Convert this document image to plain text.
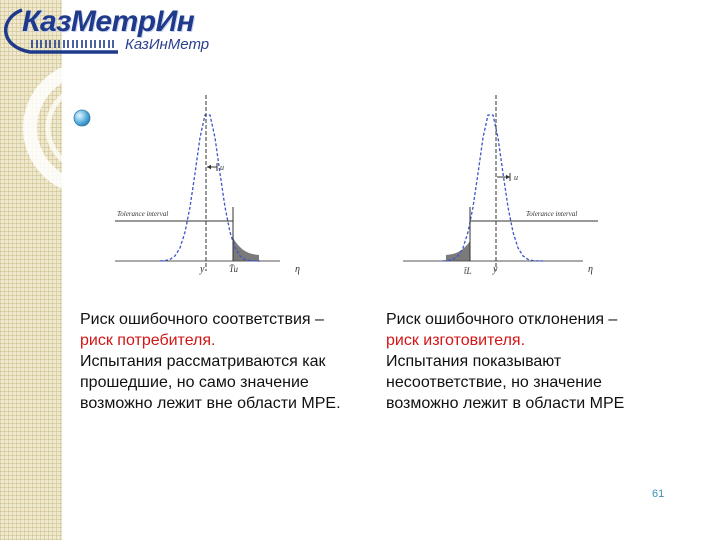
КазМетрИн
КазИнМетр
Tolerance interval
u
y	T̄u	η
Tolerance interval
u
y
t̄L	η
Риск ошибочного соответствия –
риск потребителя.
Испытания рассматриваются как
прошедшие, но само значение
возможно лежит вне области МРЕ.
Риск ошибочного отклонения –
риск изготовителя.
Испытания показывают
несоответствие, но значение
возможно лежит в области МРЕ
61
